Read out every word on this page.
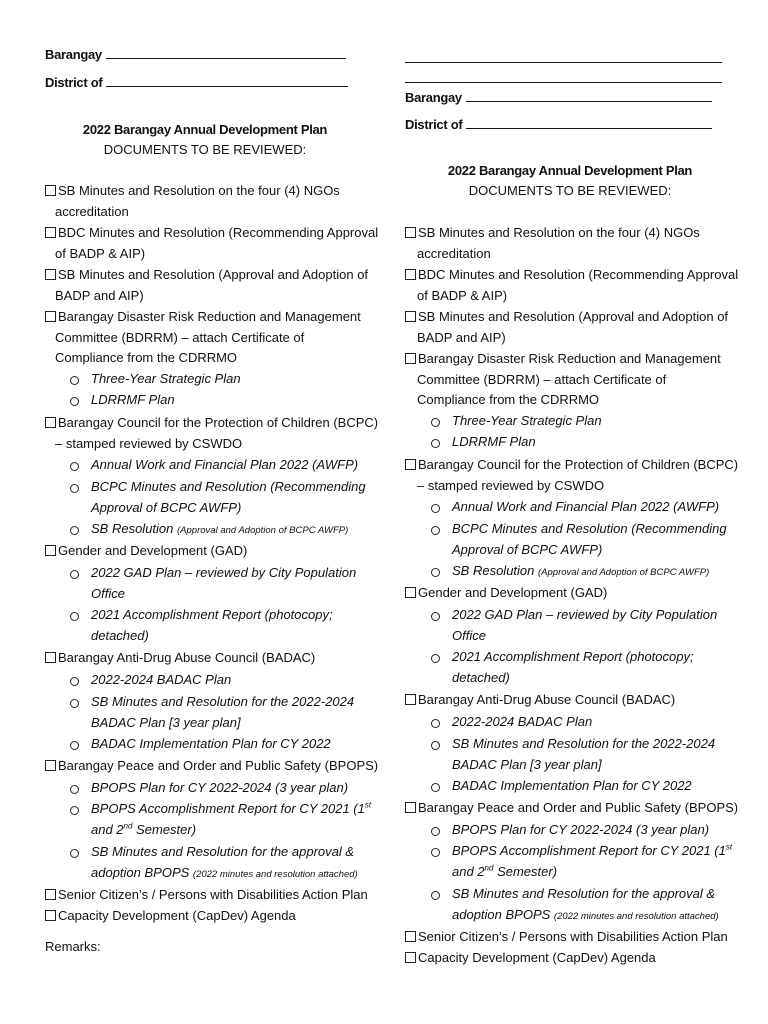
Barangay
District of
2022 Barangay Annual Development Plan
DOCUMENTS TO BE REVIEWED:
SB Minutes and Resolution on the four (4) NGOs
accreditation
BDC Minutes and Resolution (Recommending Approval
of BADP & AIP)
SB Minutes and Resolution (Approval and Adoption of
BADP and AIP)
Barangay Disaster Risk Reduction and Management
Committee (BDRRM) – attach Certificate of
Compliance from the CDRRMO
Three-Year Strategic Plan
LDRRMF Plan
Barangay Council for the Protection of Children (BCPC)
– stamped reviewed by CSWDO
Annual Work and Financial Plan 2022 (AWFP)
BCPC Minutes and Resolution (Recommending
Approval of BCPC AWFP)
SB Resolution (Approval and Adoption of BCPC AWFP)
Gender and Development (GAD)
2022 GAD Plan – reviewed by City Population
Office
2021 Accomplishment Report (photocopy;
detached)
Barangay Anti-Drug Abuse Council (BADAC)
2022-2024 BADAC Plan
SB Minutes and Resolution for the 2022-2024
BADAC Plan [3 year plan]
BADAC Implementation Plan for CY 2022
Barangay Peace and Order and Public Safety (BPOPS)
BPOPS Plan for CY 2022-2024 (3 year plan)
BPOPS Accomplishment Report for CY 2021 (1st
and 2nd Semester)
SB Minutes and Resolution for the approval &
adoption BPOPS (2022 minutes and resolution attached)
Senior Citizen’s / Persons with Disabilities Action Plan
Capacity Development (CapDev) Agenda
Remarks:
Barangay
District of
2022 Barangay Annual Development Plan
DOCUMENTS TO BE REVIEWED:
SB Minutes and Resolution on the four (4) NGOs
accreditation
BDC Minutes and Resolution (Recommending Approval
of BADP & AIP)
SB Minutes and Resolution (Approval and Adoption of
BADP and AIP)
Barangay Disaster Risk Reduction and Management
Committee (BDRRM) – attach Certificate of
Compliance from the CDRRMO
Three-Year Strategic Plan
LDRRMF Plan
Barangay Council for the Protection of Children (BCPC)
– stamped reviewed by CSWDO
Annual Work and Financial Plan 2022 (AWFP)
BCPC Minutes and Resolution (Recommending
Approval of BCPC AWFP)
SB Resolution (Approval and Adoption of BCPC AWFP)
Gender and Development (GAD)
2022 GAD Plan – reviewed by City Population
Office
2021 Accomplishment Report (photocopy;
detached)
Barangay Anti-Drug Abuse Council (BADAC)
2022-2024 BADAC Plan
SB Minutes and Resolution for the 2022-2024
BADAC Plan [3 year plan]
BADAC Implementation Plan for CY 2022
Barangay Peace and Order and Public Safety (BPOPS)
BPOPS Plan for CY 2022-2024 (3 year plan)
BPOPS Accomplishment Report for CY 2021 (1st
and 2nd Semester)
SB Minutes and Resolution for the approval &
adoption BPOPS (2022 minutes and resolution attached)
Senior Citizen’s / Persons with Disabilities Action Plan
Capacity Development (CapDev) Agenda
